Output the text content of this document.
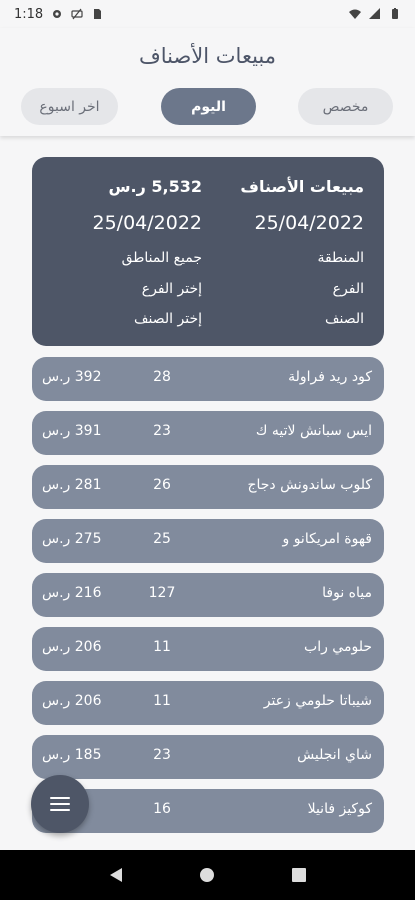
1:18
مبيعات الأصناف
مخصص
اليوم
اخر اسبوع
مبيعات الأصناف
5,532 ر.س
25/04/2022
25/04/2022
المنطقة
جميع المناطق
الفرع
إختر الفرع
الصنف
إختر الصنف
كود ريد فراولة
28
392 ر.س
ايس سبانش لاتيه ك
23
391 ر.س
كلوب ساندونش دجاج
26
281 ر.س
قهوة امريكانو و
25
275 ر.س
مياه نوفا
127
216 ر.س
حلومي راب
11
206 ر.س
شيباتا حلومي زعتر
11
206 ر.س
شاي انجليش
23
185 ر.س
كوكيز فانيلا
16
